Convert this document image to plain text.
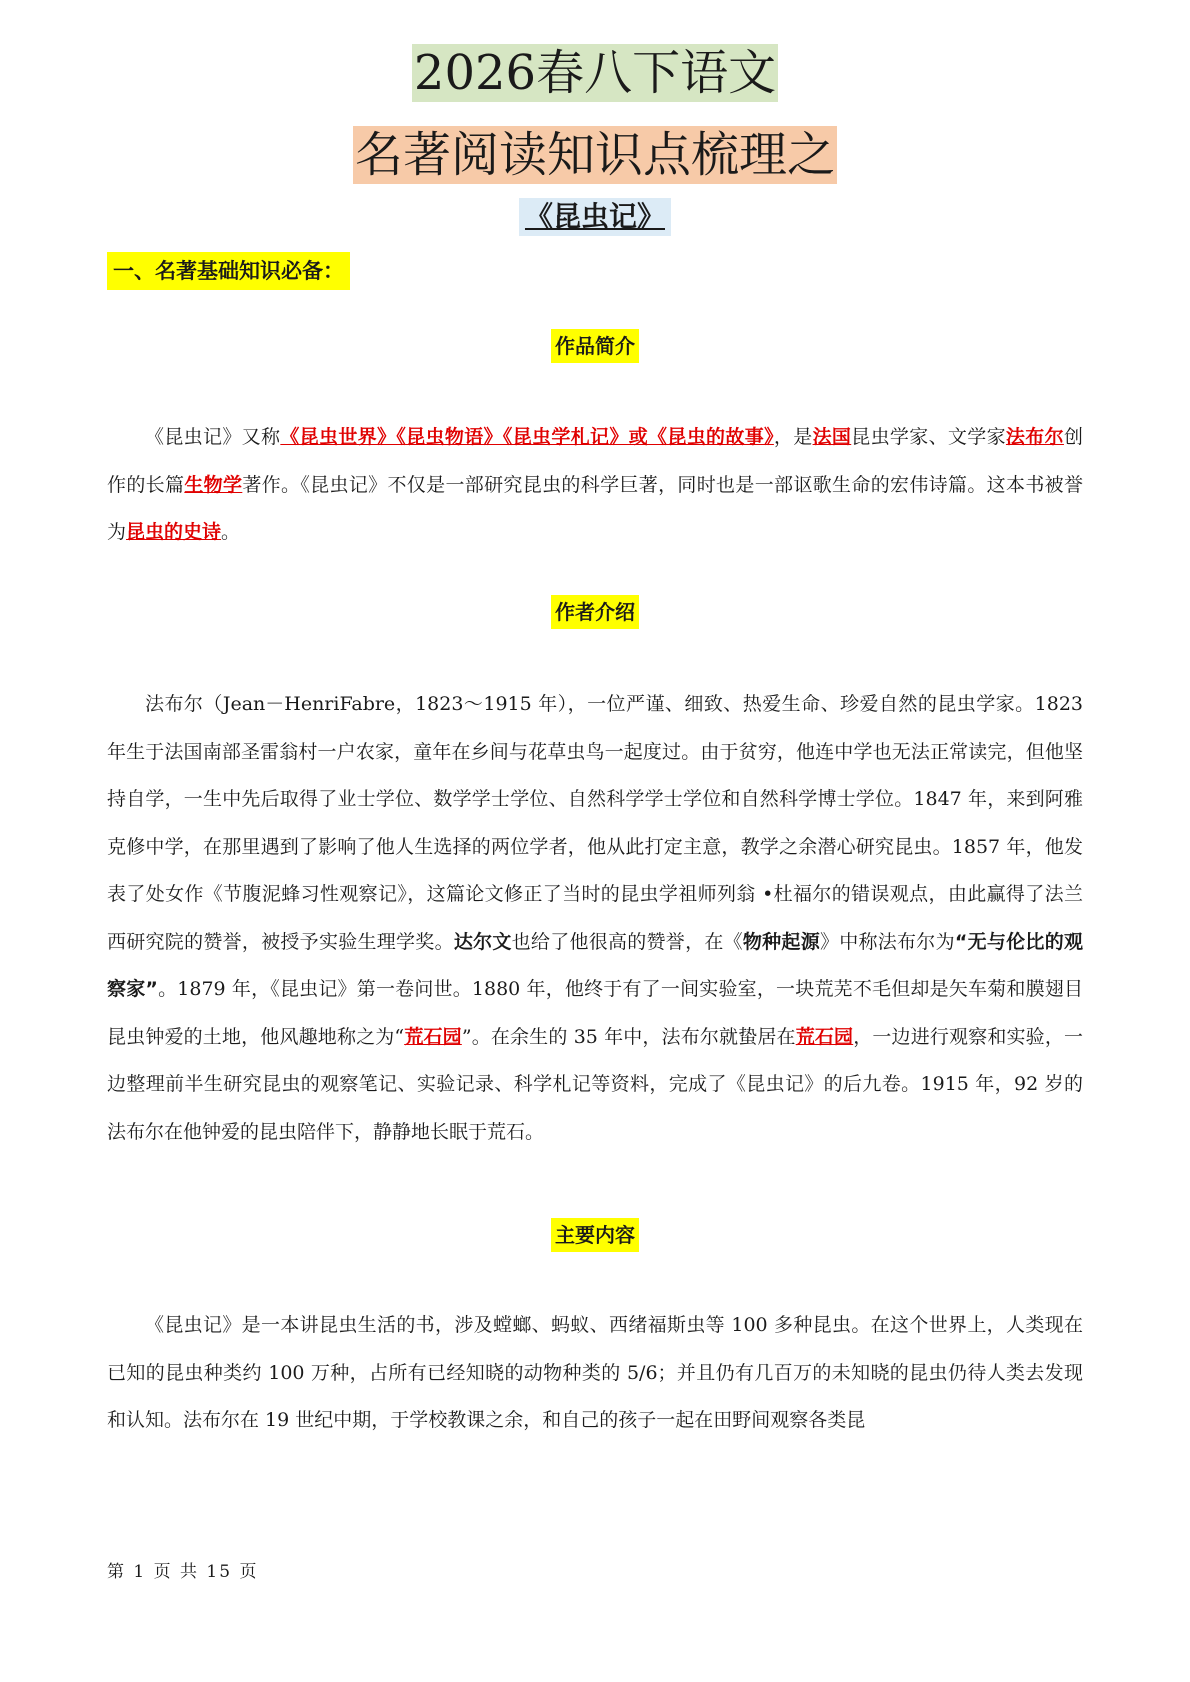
2026春八下语文
名著阅读知识点梳理之
《昆虫记》
一、名著基础知识必备：
作品简介

《昆虫记》又称《昆虫世界》《昆虫物语》《昆虫学札记》或《昆虫的故事》，是法国昆虫学家、文学家法布尔创作的长篇生物学著作。《昆虫记》不仅是一部研究昆虫的科学巨著，同时也是一部讴歌生命的宏伟诗篇。这本书被誉为昆虫的史诗。

作者介绍

法布尔（Jean－HenriFabre，1823～1915 年），一位严谨、细致、热爱生命、珍爱自然的昆虫学家。1823 年生于法国南部圣雷翁村一户农家，童年在乡间与花草虫鸟一起度过。由于贫穷，他连中学也无法正常读完，但他坚持自学，一生中先后取得了业士学位、数学学士学位、自然科学学士学位和自然科学博士学位。1847 年，来到阿雅克修中学，在那里遇到了影响了他人生选择的两位学者，他从此打定主意，教学之余潜心研究昆虫。1857 年，他发表了处女作《节腹泥蜂习性观察记》，这篇论文修正了当时的昆虫学祖师列翁 •杜福尔的错误观点，由此赢得了法兰西研究院的赞誉，被授予实验生理学奖。达尔文也给了他很高的赞誉，在《物种起源》中称法布尔为“无与伦比的观察家”。1879 年，《昆虫记》第一卷问世。1880 年，他终于有了一间实验室，一块荒芜不毛但却是矢车菊和膜翅目昆虫钟爱的土地，他风趣地称之为“荒石园”。在余生的 35 年中，法布尔就蛰居在荒石园，一边进行观察和实验，一边整理前半生研究昆虫的观察笔记、实验记录、科学札记等资料，完成了《昆虫记》的后九卷。1915 年，92 岁的法布尔在他钟爱的昆虫陪伴下，静静地长眠于荒石。

主要内容

《昆虫记》是一本讲昆虫生活的书，涉及螳螂、蚂蚁、西绪福斯虫等 100 多种昆虫。在这个世界上，人类现在已知的昆虫种类约 100 万种，占所有已经知晓的动物种类的 5/6；并且仍有几百万的未知晓的昆虫仍待人类去发现和认知。法布尔在 19 世纪中期，于学校教课之余，和自己的孩子一起在田野间观察各类昆

第 1 页 共 15 页
